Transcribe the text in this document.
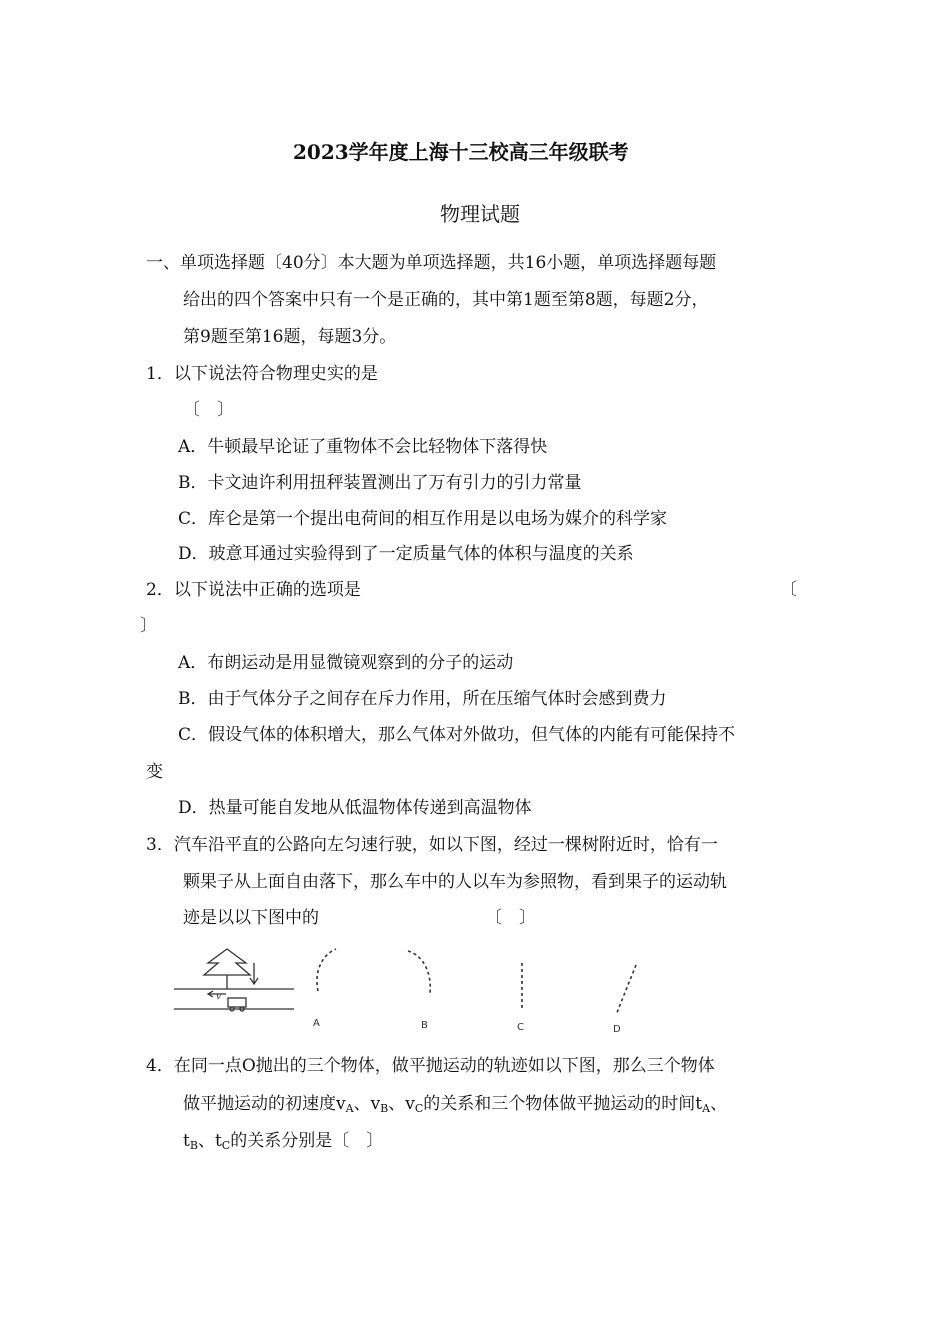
2023学年度上海十三校高三年级联考
物理试题
一、单项选择题〔40分〕本大题为单项选择题，共16小题，单项选择题每题
给出的四个答案中只有一个是正确的，其中第1题至第8题，每题2分，
第9题至第16题，每题3分。
1．以下说法符合物理史实的是
〔　〕
A．牛顿最早论证了重物体不会比轻物体下落得快
B．卡文迪许利用扭秤装置测出了万有引力的引力常量
C．库仑是第一个提出电荷间的相互作用是以电场为媒介的科学家
D．玻意耳通过实验得到了一定质量气体的体积与温度的关系
2．以下说法中正确的选项是	〔
〕
A．布朗运动是用显微镜观察到的分子的运动
B．由于气体分子之间存在斥力作用，所在压缩气体时会感到费力
C．假设气体的体积增大，那么气体对外做功，但气体的内能有可能保持不
变
D．热量可能自发地从低温物体传递到高温物体
3．汽车沿平直的公路向左匀速行驶，如以下图，经过一棵树附近时，恰有一
颗果子从上面自由落下，那么车中的人以车为参照物，看到果子的运动轨
迹是以以下图中的	〔　〕
v
A	B	C	D
4．在同一点O抛出的三个物体，做平抛运动的轨迹如以下图，那么三个物体
做平抛运动的初速度$v_A$、$v_B$、$v_C$的关系和三个物体做平抛运动的时间$t_A$、
$t_B$、$t_C$的关系分别是〔　〕
